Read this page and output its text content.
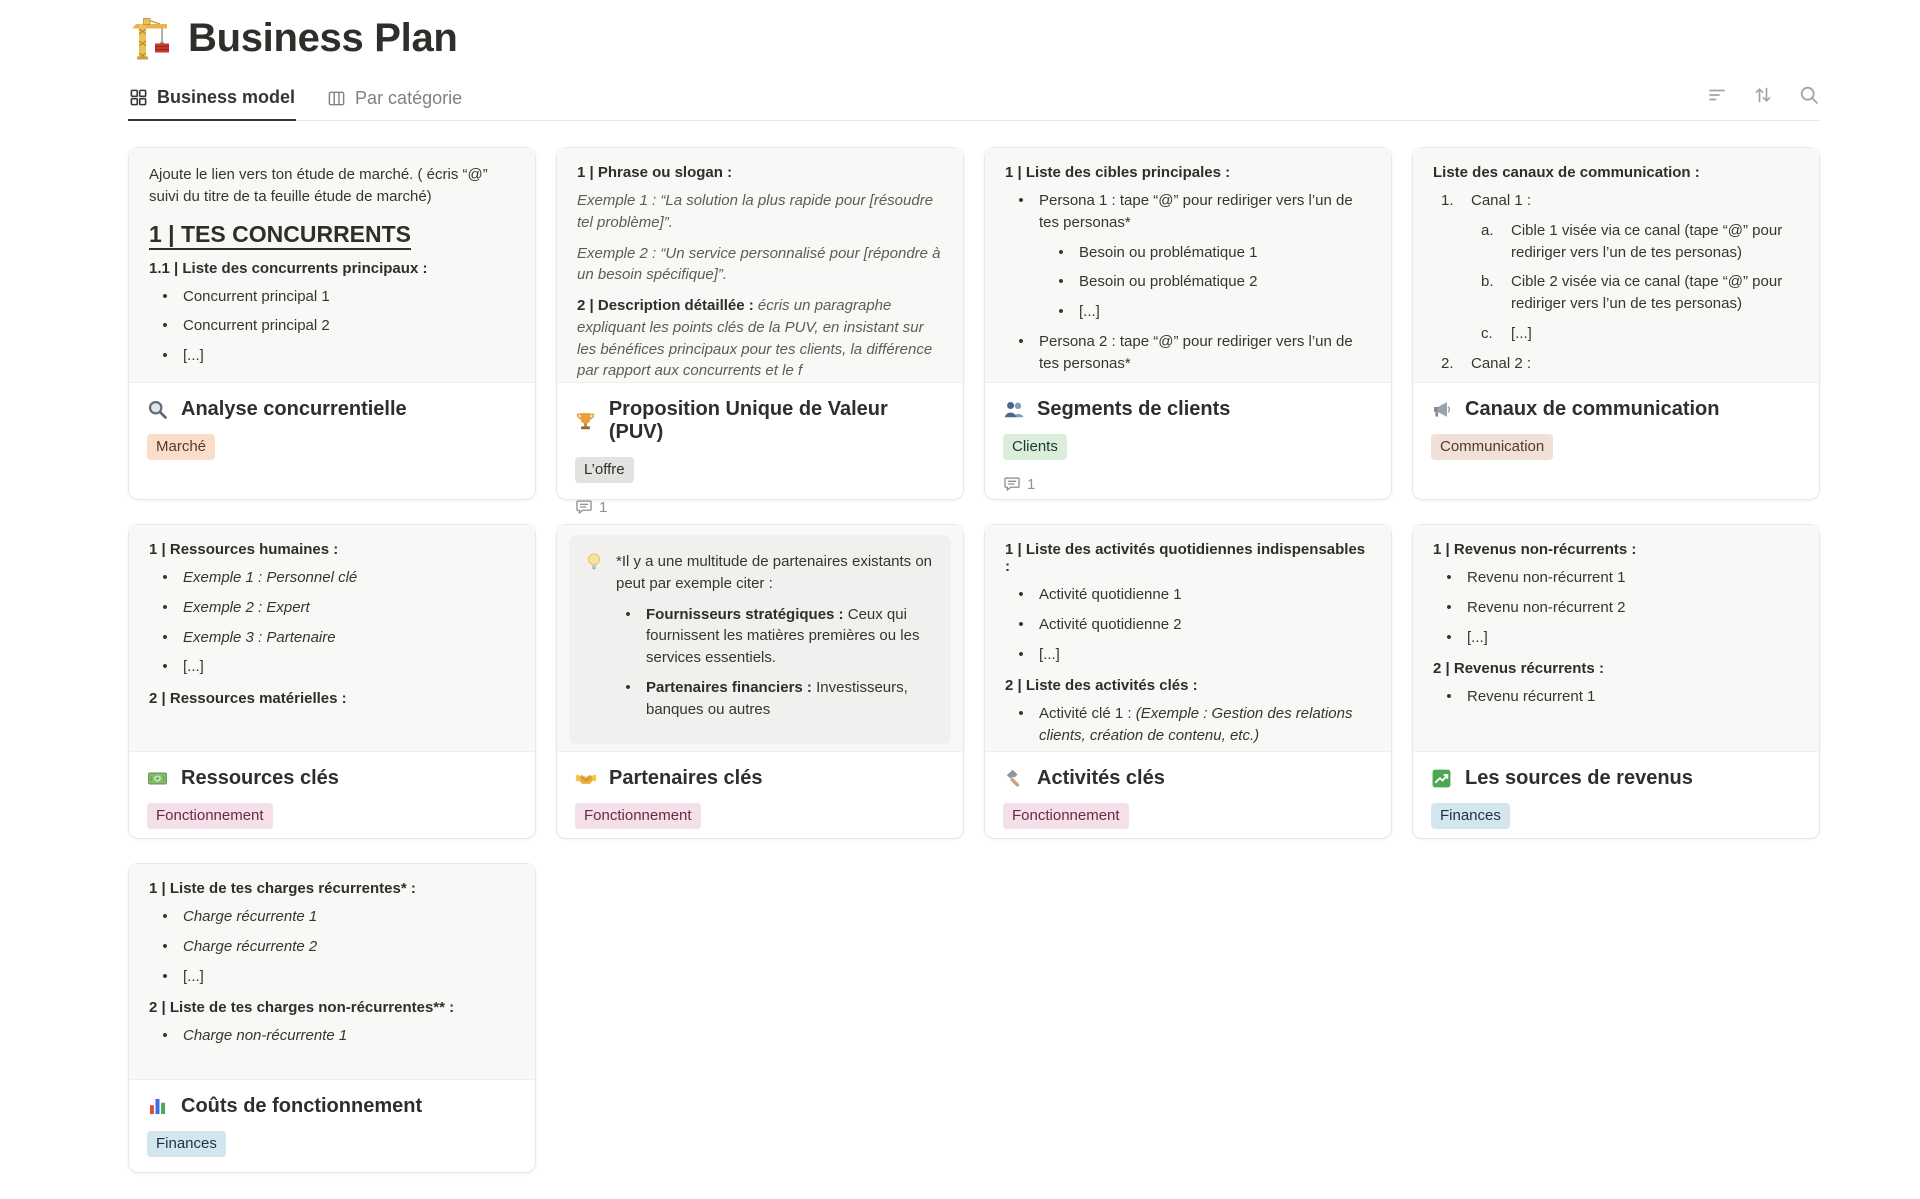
Business Plan
Business model	Par catégorie
Ajoute le lien vers ton étude de marché. ( écris “@” suivi du titre de ta feuille étude de marché)
1 | TES CONCURRENTS
1.1 | Liste des concurrents principaux :
•	Concurrent principal 1
•	Concurrent principal 2
•	[...]
Analyse concurrentielle
Marché
1 | Phrase ou slogan :
Exemple 1 : “La solution la plus rapide pour [résoudre tel problème]”.
Exemple 2 : “Un service personnalisé pour [répondre à un besoin spécifique]”.
2 | Description détaillée : écris un paragraphe expliquant les points clés de la PUV, en insistant sur les bénéfices principaux pour tes clients, la différence par rapport aux concurrents et le f
Proposition Unique de Valeur (PUV)
L’offre
1
1 | Liste des cibles principales :
•	Persona 1 : tape “@” pour rediriger vers l’un de tes personas*
•	Besoin ou problématique 1
•	Besoin ou problématique 2
•	[...]
•	Persona 2 : tape “@” pour rediriger vers l’un de tes personas*
Segments de clients
Clients
1
Liste des canaux de communication :
1.	Canal 1 :
a.	Cible 1 visée via ce canal (tape “@” pour rediriger vers l’un de tes personas)
b.	Cible 2 visée via ce canal (tape “@” pour rediriger vers l’un de tes personas)
c.	[...]
2.	Canal 2 :
Canaux de communication
Communication
1 | Ressources humaines :
•	Exemple 1 : Personnel clé
•	Exemple 2 : Expert
•	Exemple 3 : Partenaire
•	[...]
2 | Ressources matérielles :
Ressources clés
Fonctionnement
*Il y a une multitude de partenaires existants on peut par exemple citer :
•	Fournisseurs stratégiques : Ceux qui fournissent les matières premières ou les services essentiels.
•	Partenaires financiers : Investisseurs, banques ou autres
Partenaires clés
Fonctionnement
1 | Liste des activités quotidiennes indispensables :
•	Activité quotidienne 1
•	Activité quotidienne 2
•	[...]
2 | Liste des activités clés :
•	Activité clé 1 : (Exemple : Gestion des relations clients, création de contenu, etc.)
Activités clés
Fonctionnement
1 | Revenus non-récurrents :
•	Revenu non-récurrent 1
•	Revenu non-récurrent 2
•	[...]
2 | Revenus récurrents :
•	Revenu récurrent 1
Les sources de revenus
Finances
1 | Liste de tes charges récurrentes* :
•	Charge récurrente 1
•	Charge récurrente 2
•	[...]
2 | Liste de tes charges non-récurrentes** :
•	Charge non-récurrente 1
Coûts de fonctionnement
Finances
